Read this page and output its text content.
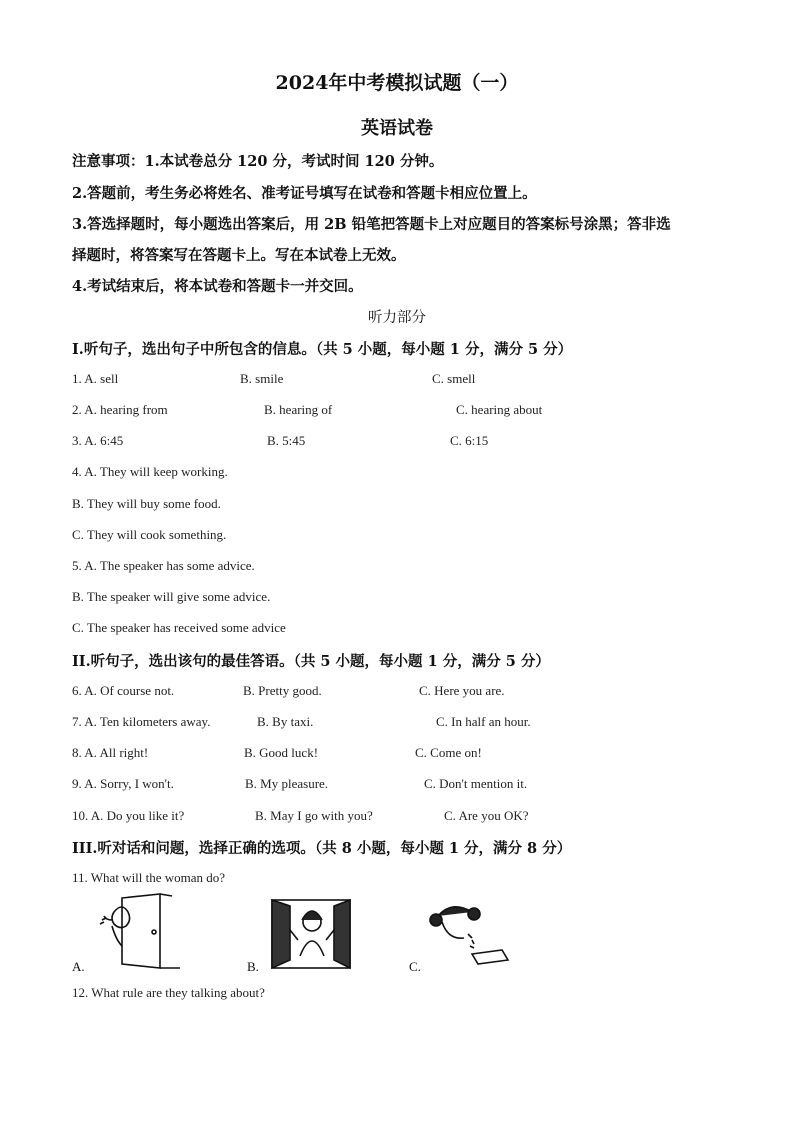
2024年中考模拟试题（一）
英语试卷
注意事项：1.本试卷总分 120 分，考试时间 120 分钟。
2.答题前，考生务必将姓名、准考证号填写在试卷和答题卡相应位置上。
3.答选择题时，每小题选出答案后，用 2B 铅笔把答题卡上对应题目的答案标号涂黑；答非选
择题时，将答案写在答题卡上。写在本试卷上无效。
4.考试结束后，将本试卷和答题卡一并交回。
听力部分
I.听句子，选出句子中所包含的信息。（共 5 小题，每小题 1 分，满分 5 分）
1. A. sell	B. smile	C. smell
2. A. hearing from	B. hearing of	C. hearing about
3. A. 6:45	B. 5:45	C. 6:15
4. A. They will keep working.
B. They will buy some food.
C. They will cook something.
5. A. The speaker has some advice.
B. The speaker will give some advice.
C. The speaker has received some advice
II.听句子，选出该句的最佳答语。（共 5 小题，每小题 1 分，满分 5 分）
6. A. Of course not.	B. Pretty good.	C. Here you are.
7. A. Ten kilometers away.	B. By taxi.	C. In half an hour.
8. A. All right!	B. Good luck!	C. Come on!
9. A. Sorry, I won't.	B. My pleasure.	C. Don't mention it.
10. A. Do you like it?	B. May I go with you?	C. Are you OK?
III.听对话和问题，选择正确的选项。（共 8 小题，每小题 1 分，满分 8 分）
11. What will the woman do?
A.	B.	C.
12. What rule are they talking about?
